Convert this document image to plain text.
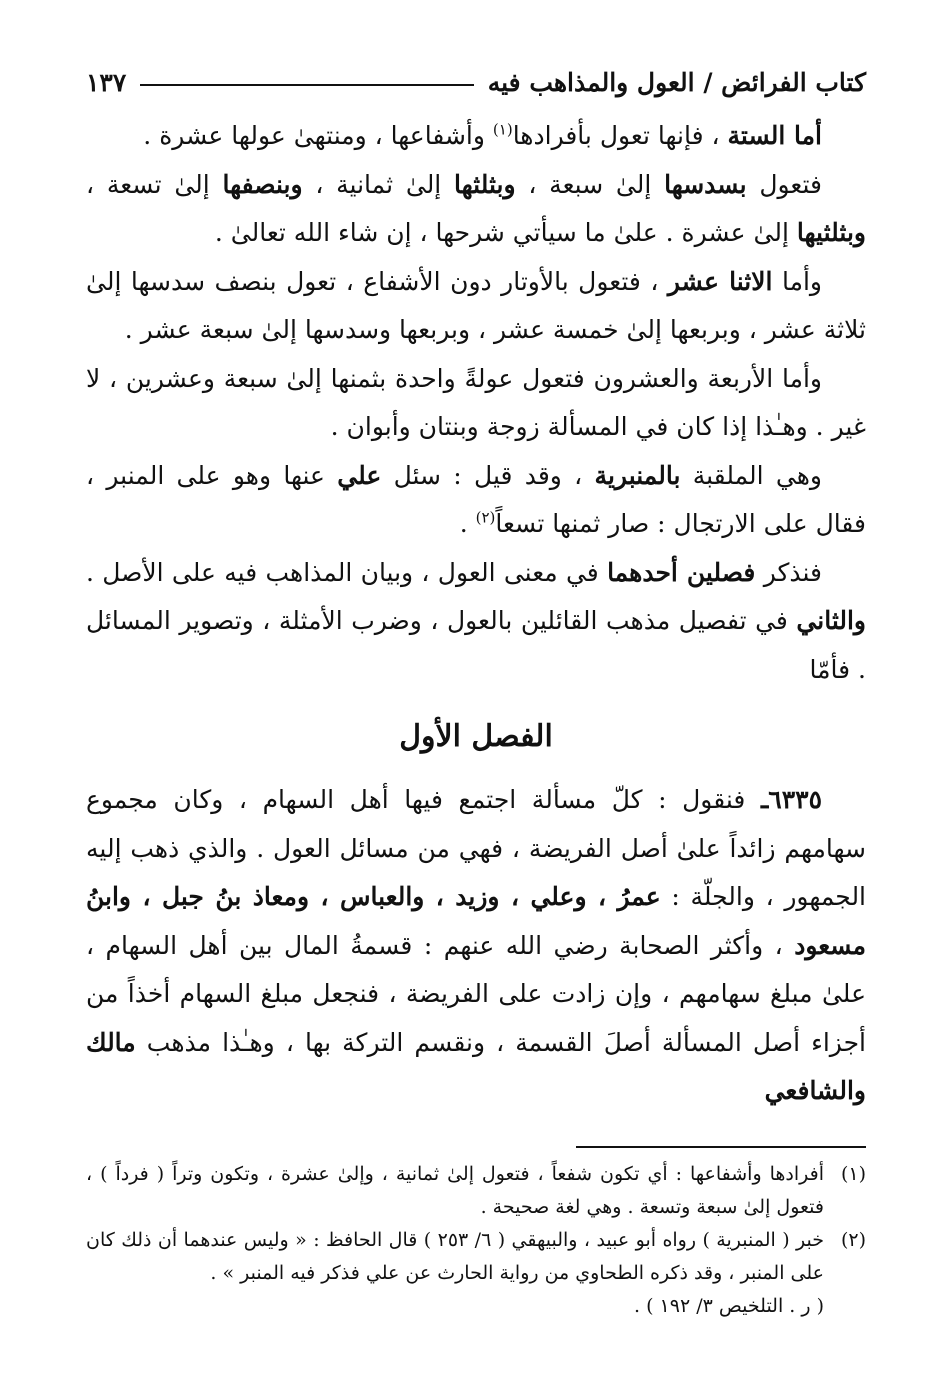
كتاب الفرائض / العول والمذاهب فيه
١٣٧

أما الستة ، فإنها تعول بأفرادها$^{(١)}$ وأشفاعها ، ومنتهىٰ عولها عشرة .

فتعول بسدسها إلىٰ سبعة ، وبثلثها إلىٰ ثمانية ، وبنصفها إلىٰ تسعة ، وبثلثيها إلىٰ عشرة . علىٰ ما سيأتي شرحها ، إن شاء الله تعالىٰ .

وأما الاثنا عشر ، فتعول بالأوتار دون الأشفاع ، تعول بنصف سدسها إلىٰ ثلاثة عشر ، وبربعها إلىٰ خمسة عشر ، وبربعها وسدسها إلىٰ سبعة عشر .

وأما الأربعة والعشرون فتعول عولةً واحدة بثمنها إلىٰ سبعة وعشرين ، لا غير . وهـٰذا إذا كان في المسألة زوجة وبنتان وأبوان .

وهي الملقبة بالمنبرية ، وقد قيل : سئل علي عنها وهو على المنبر ، فقال على الارتجال : صار ثمنها تسعاً$^{(٢)}$ .

فنذكر فصلين أحدهما في معنى العول ، وبيان المذاهب فيه على الأصل . والثاني في تفصيل مذهب القائلين بالعول ، وضرب الأمثلة ، وتصوير المسائل . فأمّا

الفصل الأول

٦٣٣٥ـ فنقول : كلّ مسألة اجتمع فيها أهل السهام ، وكان مجموع سهامهم زائداً علىٰ أصل الفريضة ، فهي من مسائل العول . والذي ذهب إليه الجمهور ، والجلّة : عمرُ ، وعلي ، وزيد ، والعباس ، ومعاذ بنُ جبل ، وابنُ مسعود ، وأكثر الصحابة رضي الله عنهم : قسمةُ المال بين أهل السهام ، علىٰ مبلغ سهامهم ، وإن زادت على الفريضة ، فنجعل مبلغ السهام أخذاً من أجزاء أصل المسألة أصلَ القسمة ، ونقسم التركة بها ، وهـٰذا مذهب مالك والشافعي

(١)
أفرادها وأشفاعها : أي تكون شفعاً ، فتعول إلىٰ ثمانية ، وإلىٰ عشرة ، وتكون وتراً ( فرداً ) ، فتعول إلىٰ سبعة وتسعة . وهي لغة صحيحة .
(٢)
خبر ( المنبرية ) رواه أبو عبيد ، والبيهقي ( ٦/ ٢٥٣ ) قال الحافظ : « وليس عندهما أن ذلك كان على المنبر ، وقد ذكره الطحاوي من رواية الحارث عن علي فذكر فيه المنبر » .
( ر . التلخيص ٣/ ١٩٢ ) .
